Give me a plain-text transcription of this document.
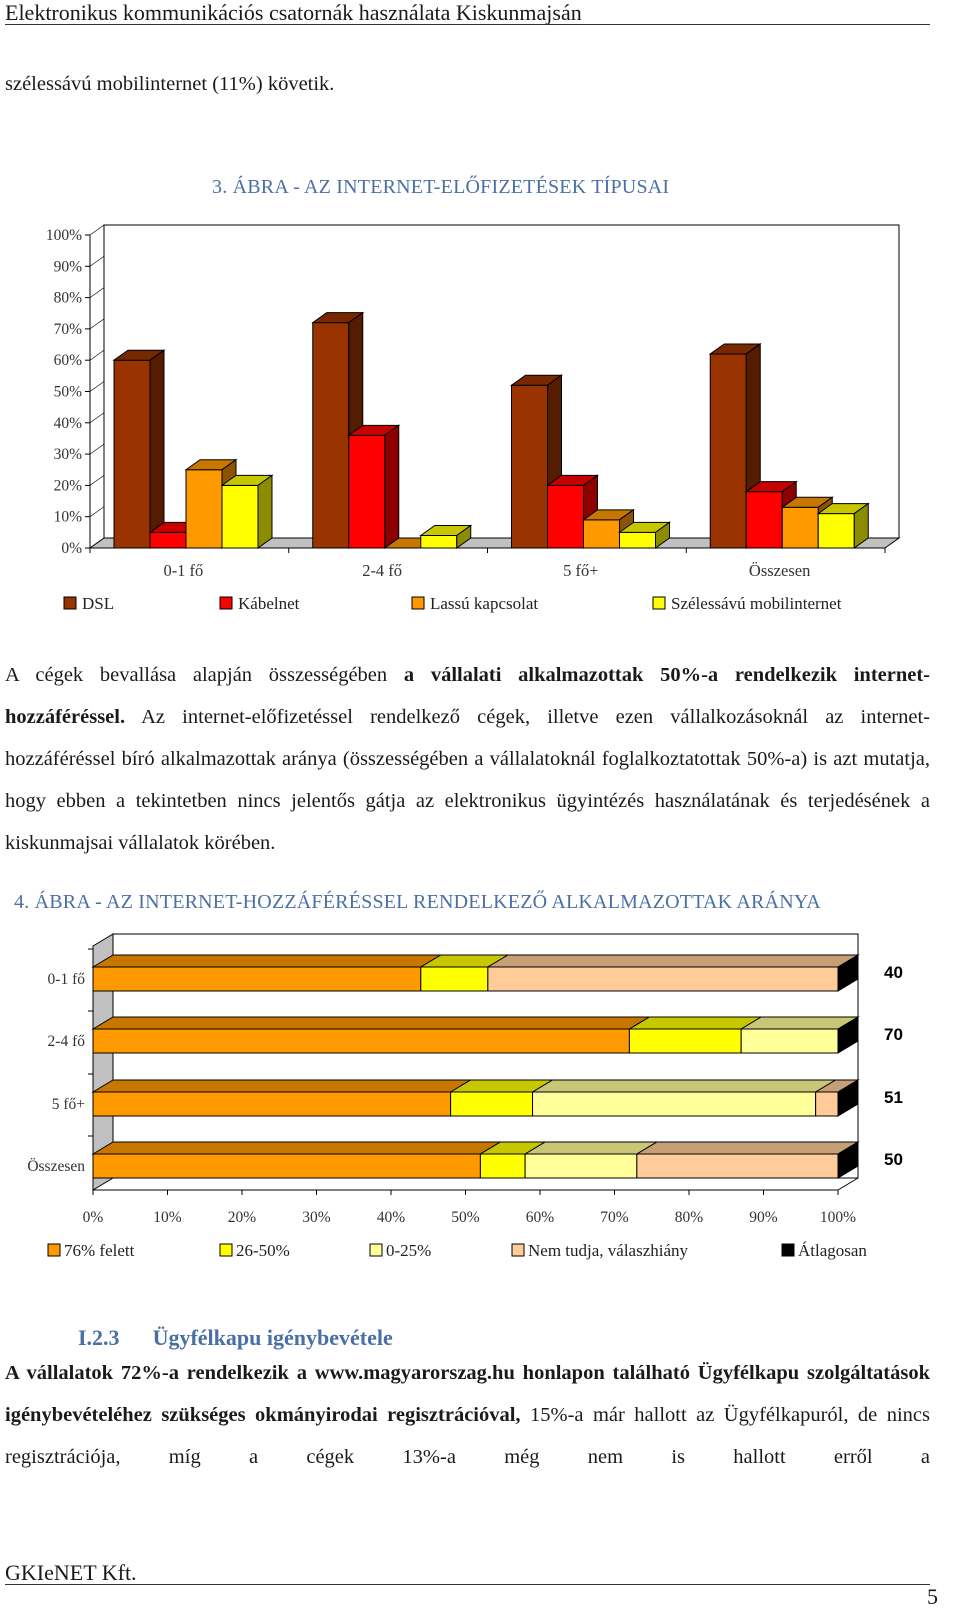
Elektronikus kommunikációs csatornák használata Kiskunmajsán
szélessávú mobilinternet (11%) követik.
3. ÁBRA - AZ INTERNET-ELŐFIZETÉSEK TÍPUSAI
0%
10%
20%
30%
40%
50%
60%
70%
80%
90%
100%
0-1 fő	2-4 fő	5 fő+	Összesen
DSL	Kábelnet	Lassú kapcsolat	Szélessávú mobilinternet
A cégek bevallása alapján összességében a vállalati alkalmazottak 50%-a rendelkezik internet-hozzáféréssel. Az internet-előfizetéssel rendelkező cégek, illetve ezen vállalkozásoknál az internet-hozzáféréssel bíró alkalmazottak aránya (összességében a vállalatoknál foglalkoztatottak 50%-a) is azt mutatja, hogy ebben a tekintetben nincs jelentős gátja az elektronikus ügyintézés használatának és terjedésének a kiskunmajsai vállalatok körében.
4. ÁBRA - AZ INTERNET-HOZZÁFÉRÉSSEL RENDELKEZŐ ALKALMAZOTTAK ARÁNYA
0%	10%	20%	30%	40%	50%	60%	70%	80%	90%	100%
0-1 fő	40
2-4 fő	70
5 fő+	51
Összesen	50
76% felett	26-50%	0-25%	Nem tudja, válaszhiány	Átlagosan
I.2.3 Ügyfélkapu igénybevétele
A vállalatok 72%-a rendelkezik a www.magyarorszag.hu honlapon található Ügyfélkapu szolgáltatások igénybevételéhez szükséges okmányirodai regisztrációval, 15%-a már hallott az Ügyfélkapuról, de nincs regisztrációja, míg a cégek 13%-a még nem is hallott erről a
GKIeNET Kft.
5
